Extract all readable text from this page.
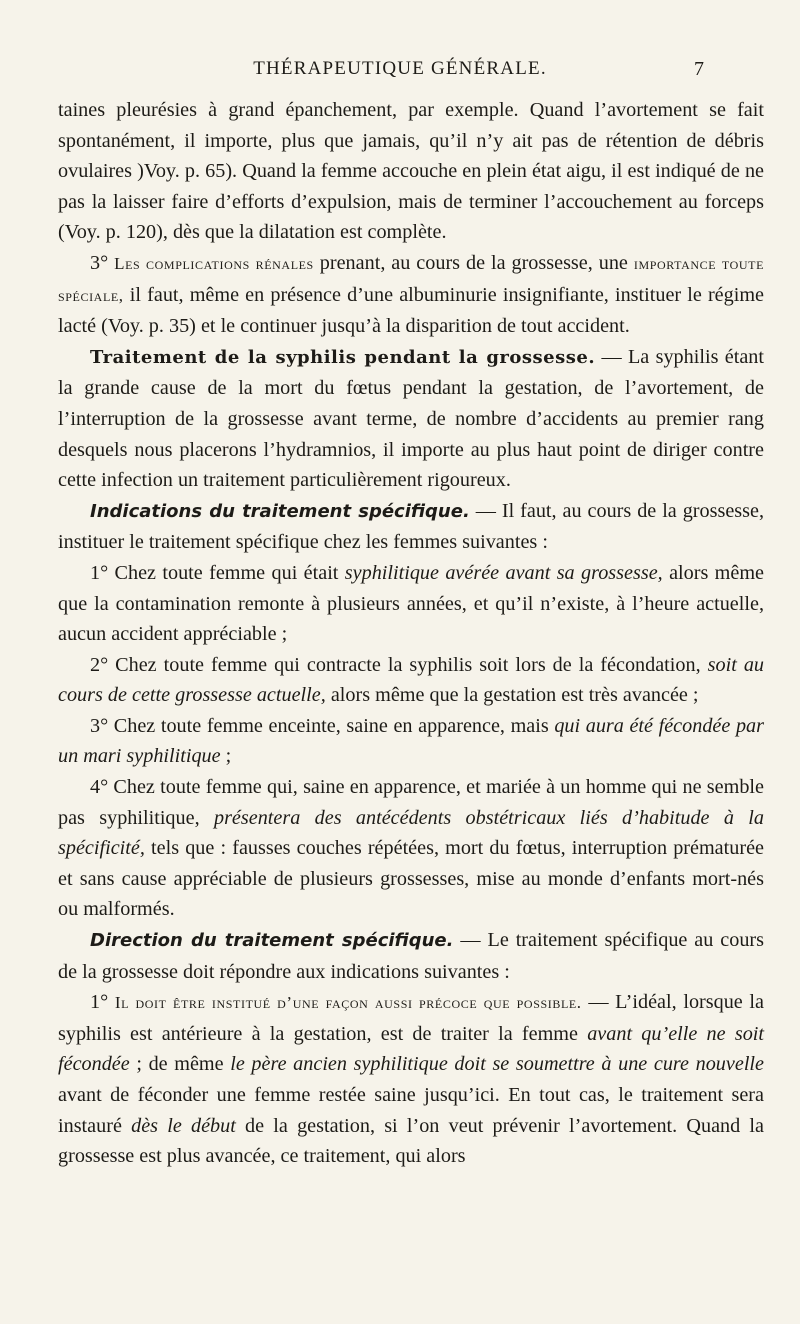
THÉRAPEUTIQUE GÉNÉRALE.	7

taines pleurésies à grand épanchement, par exemple. Quand l’avortement se fait spontanément, il importe, plus que jamais, qu’il n’y ait pas de rétention de débris ovulaires )Voy. p. 65). Quand la femme accouche en plein état aigu, il est indiqué de ne pas la laisser faire d’efforts d’expulsion, mais de terminer l’accouchement au forceps (Voy. p. 120), dès que la dilatation est complète.

3° Les complications rénales prenant, au cours de la grossesse, une importance toute spéciale, il faut, même en présence d’une albuminurie insignifiante, instituer le régime lacté (Voy. p. 35) et le continuer jusqu’à la disparition de tout accident.

Traitement de la syphilis pendant la grossesse. — La syphilis étant la grande cause de la mort du fœtus pendant la gestation, de l’avortement, de l’interruption de la grossesse avant terme, de nombre d’accidents au premier rang desquels nous placerons l’hydramnios, il importe au plus haut point de diriger contre cette infection un traitement particulièrement rigoureux.

Indications du traitement spécifique. — Il faut, au cours de la grossesse, instituer le traitement spécifique chez les femmes suivantes :

1° Chez toute femme qui était syphilitique avérée avant sa grossesse, alors même que la contamination remonte à plusieurs années, et qu’il n’existe, à l’heure actuelle, aucun accident appréciable ;

2° Chez toute femme qui contracte la syphilis soit lors de la fécondation, soit au cours de cette grossesse actuelle, alors même que la gestation est très avancée ;

3° Chez toute femme enceinte, saine en apparence, mais qui aura été fécondée par un mari syphilitique ;

4° Chez toute femme qui, saine en apparence, et mariée à un homme qui ne semble pas syphilitique, présentera des antécédents obstétricaux liés d’habitude à la spécificité, tels que : fausses couches répétées, mort du fœtus, interruption prématurée et sans cause appréciable de plusieurs grossesses, mise au monde d’enfants mort-nés ou malformés.

Direction du traitement spécifique. — Le traitement spécifique au cours de la grossesse doit répondre aux indications suivantes :

1° Il doit être institué d’une façon aussi précoce que possible. — L’idéal, lorsque la syphilis est antérieure à la gestation, est de traiter la femme avant qu’elle ne soit fécondée ; de même le père ancien syphilitique doit se soumettre à une cure nouvelle avant de féconder une femme restée saine jusqu’ici. En tout cas, le traitement sera instauré dès le début de la gestation, si l’on veut prévenir l’avortement. Quand la grossesse est plus avancée, ce traitement, qui alors
